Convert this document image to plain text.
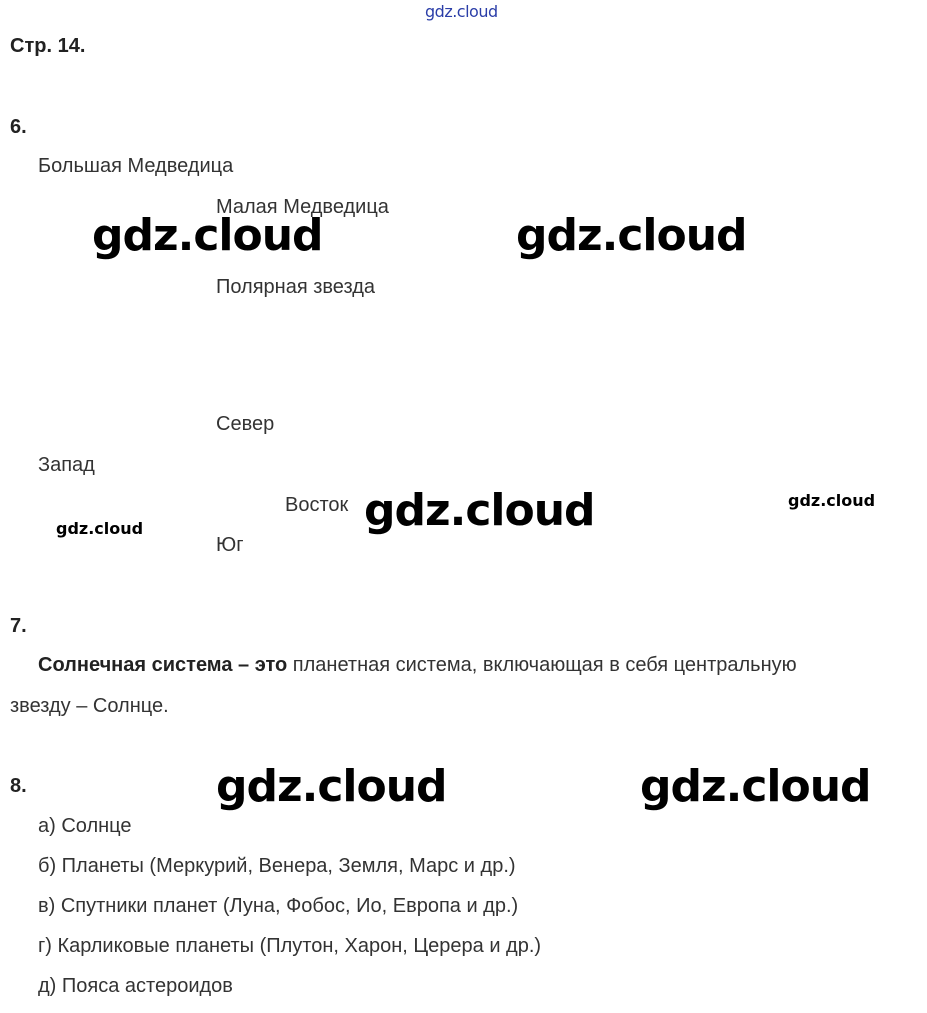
gdz.cloud
Стр. 14.
6.
Большая Медведица
Малая Медведица
Полярная звезда
Север
Запад
Восток
Юг
gdz.cloud	gdz.cloud
gdz.cloud
gdz.cloud	gdz.cloud
gdz.cloud
gdz.cloud
7.
Солнечная система – это планетная система, включающая в себя центральную
звезду – Солнце.
8.
а) Солнце
б) Планеты (Меркурий, Венера, Земля, Марс и др.)
в) Спутники планет (Луна, Фобос, Ио, Европа и др.)
г) Карликовые планеты (Плутон, Харон, Церера и др.)
д) Пояса астероидов
